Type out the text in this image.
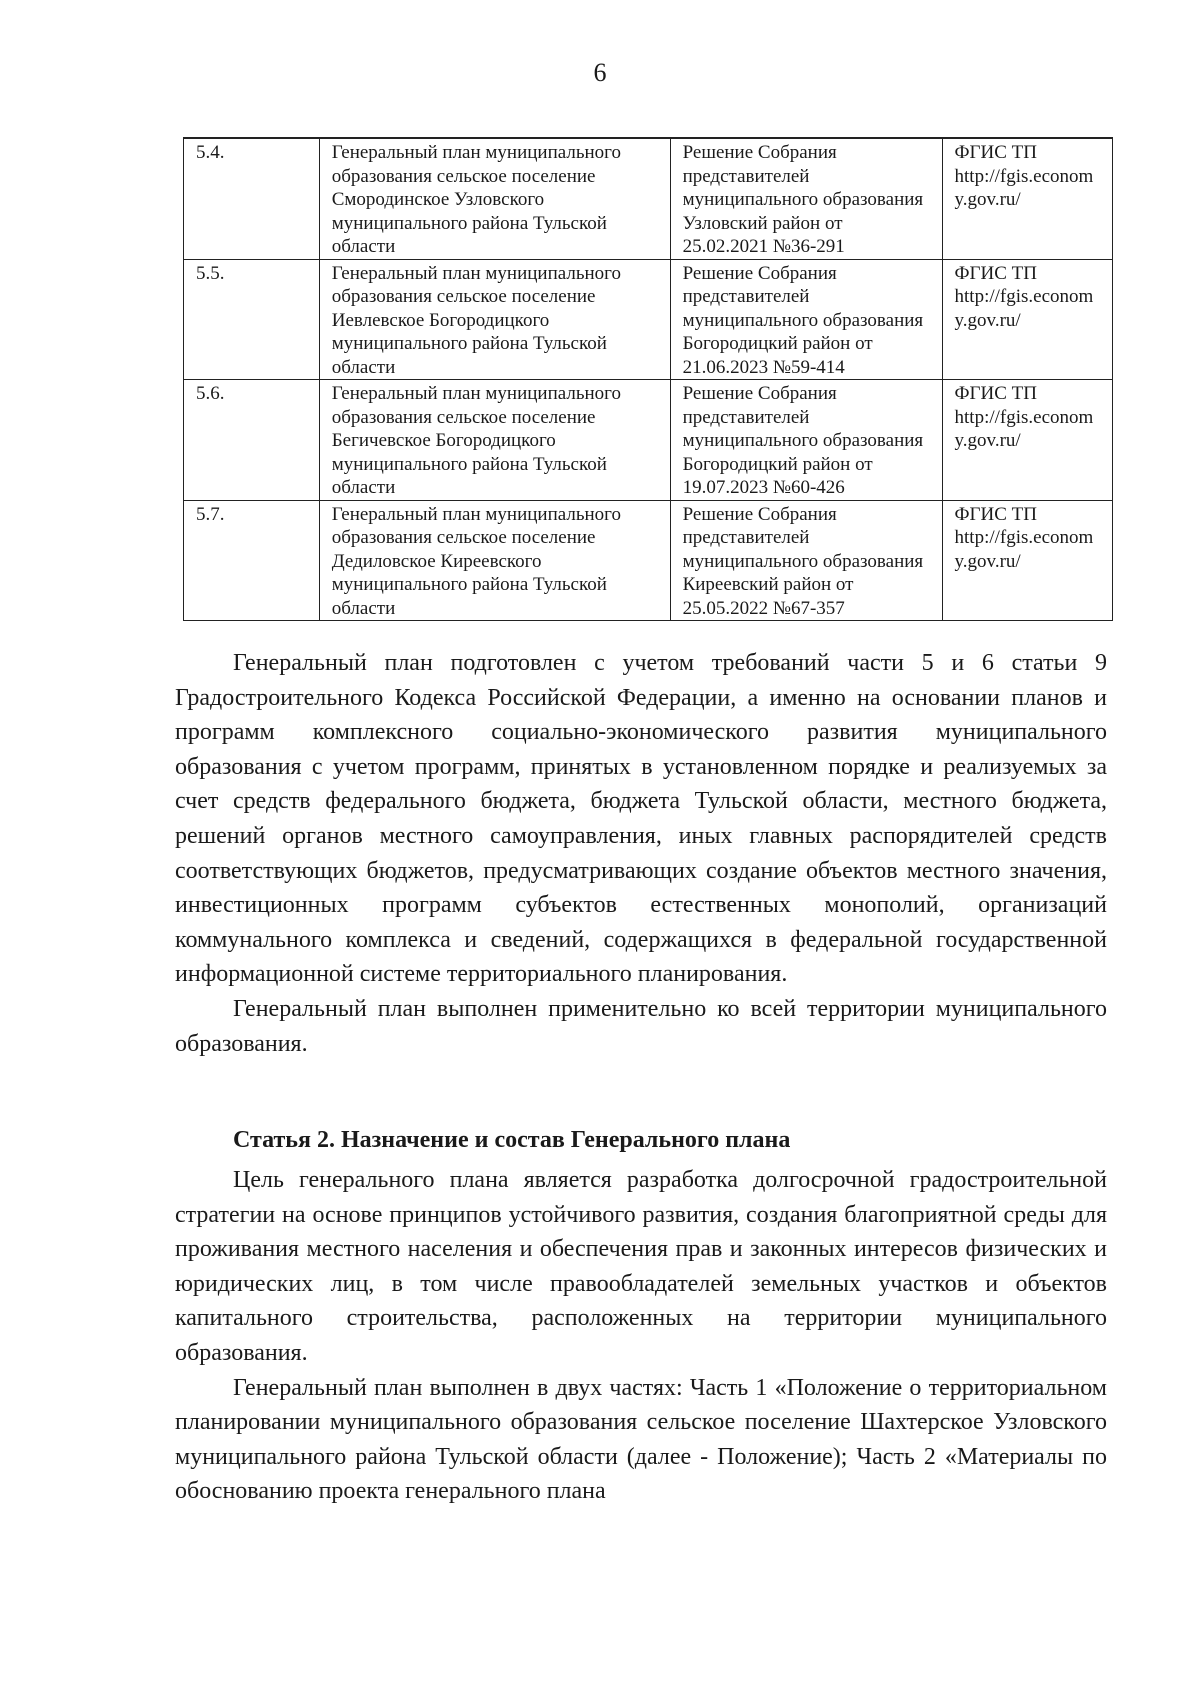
6
5.4.	Генеральный план муниципального образования сельское поселение Смородинское Узловского муниципального района Тульской области	Решение Собрания представителей муниципального образования Узловский район от 25.02.2021 №36-291	ФГИС ТП
http://fgis.economy.gov.ru/

5.5.	Генеральный план муниципального образования сельское поселение Иевлевское Богородицкого муниципального района Тульской области	Решение Собрания представителей муниципального образования Богородицкий район от 21.06.2023 №59-414	ФГИС ТП
http://fgis.economy.gov.ru/

5.6.	Генеральный план муниципального образования сельское поселение Бегичевское Богородицкого муниципального района Тульской области	Решение Собрания представителей муниципального образования Богородицкий район от 19.07.2023 №60-426	ФГИС ТП
http://fgis.economy.gov.ru/

5.7.	Генеральный план муниципального образования сельское поселение Дедиловское Киреевского муниципального района Тульской области	Решение Собрания представителей муниципального образования Киреевский район от 25.05.2022 №67-357	ФГИС ТП
http://fgis.economy.gov.ru/

Генеральный план подготовлен с учетом требований части 5 и 6 статьи 9 Градостроительного Кодекса Российской Федерации, а именно на основании планов и программ комплексного социально-экономического развития муниципального образования с учетом программ, принятых в установленном порядке и реализуемых за счет средств федерального бюджета, бюджета Тульской области, местного бюджета, решений органов местного самоуправления, иных главных распорядителей средств соответствующих бюджетов, предусматривающих создание объектов местного значения, инвестиционных программ субъектов естественных монополий, организаций коммунального комплекса и сведений, содержащихся в федеральной государственной информационной системе территориального планирования.

Генеральный план выполнен применительно ко всей территории муниципального образования.

Статья 2. Назначение и состав Генерального плана

Цель генерального плана является разработка долгосрочной градостроительной стратегии на основе принципов устойчивого развития, создания благоприятной среды для проживания местного населения и обеспечения прав и законных интересов физических и юридических лиц, в том числе правообладателей земельных участков и объектов капитального строительства, расположенных на территории муниципального образования.

Генеральный план выполнен в двух частях: Часть 1 «Положение о территориальном планировании муниципального образования сельское поселение Шахтерское Узловского муниципального района Тульской области (далее - Положение); Часть 2 «Материалы по обоснованию проекта генерального плана
